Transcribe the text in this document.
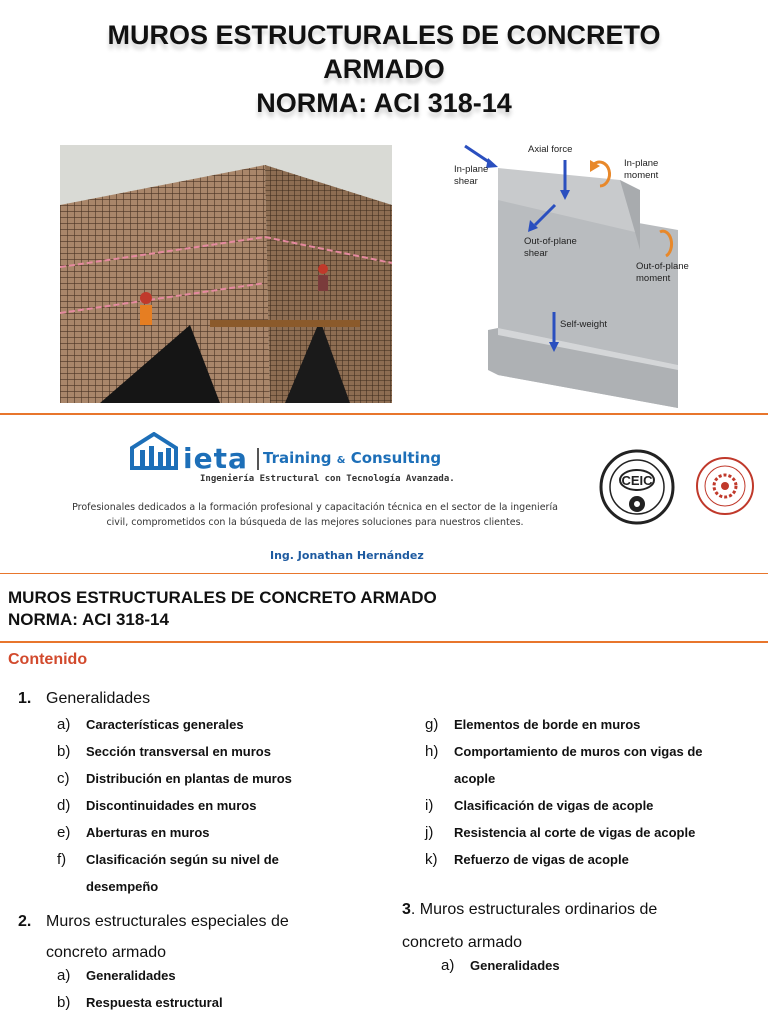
MUROS ESTRUCTURALES DE CONCRETO
ARMADO
NORMA: ACI 318-14
Axial force
In-plane
shear
In-plane
moment
Out-of-plane
shear
Out-of-plane
moment
Self-weight
ieta Training & Consulting
Ingeniería Estructural con Tecnología Avanzada.
Profesionales dedicados a la formación profesional y capacitación técnica en el sector de la ingeniería civil, comprometidos con la búsqueda de las mejores soluciones para nuestros clientes.
Ing. Jonathan Hernández
CEIC
MUROS ESTRUCTURALES DE CONCRETO ARMADO
NORMA: ACI 318-14
Contenido
1. Generalidades
a) Características generales
b) Sección transversal en muros
c) Distribución en plantas de muros
d) Discontinuidades en muros
e) Aberturas en muros
f) Clasificación según su nivel de
desempeño
2. Muros estructurales especiales de
concreto armado
a) Generalidades
b) Respuesta estructural
g) Elementos de borde en muros
h) Comportamiento de muros con vigas de
acople
i) Clasificación de vigas de acople
j) Resistencia al corte de vigas de acople
k) Refuerzo de vigas de acople
3. Muros estructurales ordinarios de
concreto armado
a) Generalidades
